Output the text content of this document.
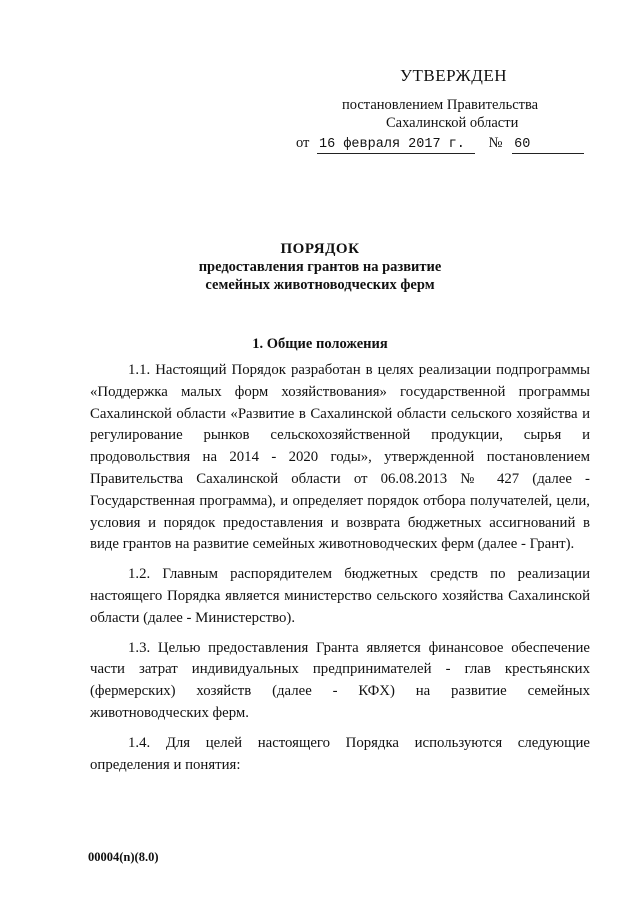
УТВЕРЖДЕН
постановлением Правительства
Сахалинской области
от 16 февраля 2017 г. № 60
ПОРЯДОК
предоставления грантов на развитие
семейных животноводческих ферм
1. Общие положения

1.1. Настоящий Порядок разработан в целях реализации подпрограммы «Поддержка малых форм хозяйствования» государственной программы Сахалинской области «Развитие в Сахалинской области сельского хозяйства и регулирование рынков сельскохозяйственной продукции, сырья и продовольствия на 2014 - 2020 годы», утвержденной постановлением Правительства Сахалинской области от 06.08.2013 № 427 (далее - Государственная программа), и определяет порядок отбора получателей, цели, условия и порядок предоставления и возврата бюджетных ассигнований в виде грантов на развитие семейных животноводческих ферм (далее - Грант).

1.2. Главным распорядителем бюджетных средств по реализации настоящего Порядка является министерство сельского хозяйства Сахалинской области (далее - Министерство).

1.3. Целью предоставления Гранта является финансовое обеспечение части затрат индивидуальных предпринимателей - глав крестьянских (фермерских) хозяйств (далее - КФХ) на развитие семейных животноводческих ферм.

1.4. Для целей настоящего Порядка используются следующие определения и понятия:

00004(n)(8.0)
